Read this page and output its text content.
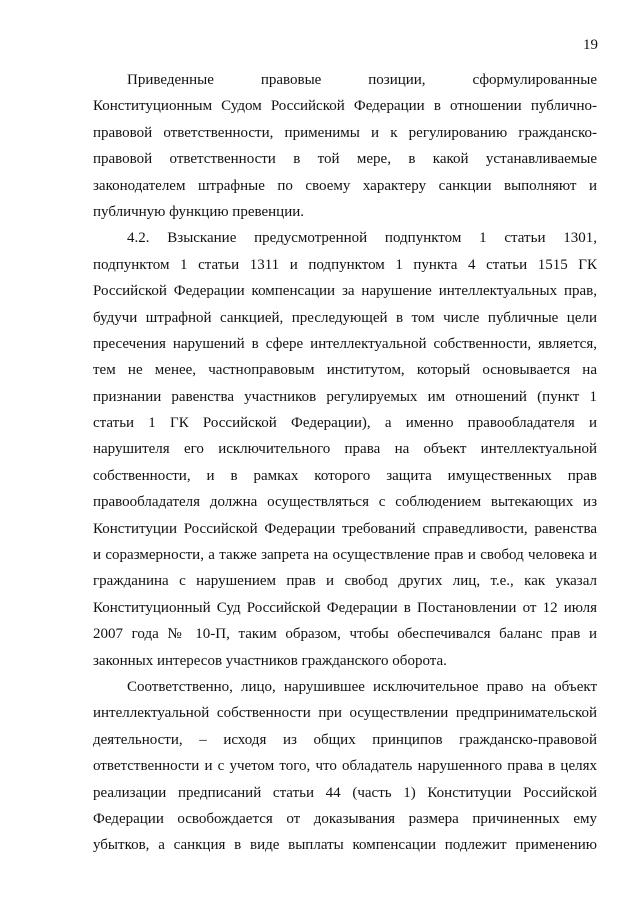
19
Приведенные правовые позиции, сформулированные
Конституционным Судом Российской Федерации в отношении публично-
правовой ответственности, применимы и к регулированию гражданско-
правовой ответственности в той мере, в какой устанавливаемые
законодателем штрафные по своему характеру санкции выполняют и
публичную функцию превенции.
4.2. Взыскание предусмотренной подпунктом 1 статьи 1301,
подпунктом 1 статьи 1311 и подпунктом 1 пункта 4 статьи 1515 ГК
Российской Федерации компенсации за нарушение интеллектуальных прав,
будучи штрафной санкцией, преследующей в том числе публичные цели
пресечения нарушений в сфере интеллектуальной собственности, является,
тем не менее, частноправовым институтом, который основывается на
признании равенства участников регулируемых им отношений (пункт 1
статьи 1 ГК Российской Федерации), а именно правообладателя и
нарушителя его исключительного права на объект интеллектуальной
собственности, и в рамках которого защита имущественных прав
правообладателя должна осуществляться с соблюдением вытекающих из
Конституции Российской Федерации требований справедливости, равенства
и соразмерности, а также запрета на осуществление прав и свобод человека и
гражданина с нарушением прав и свобод других лиц, т.е., как указал
Конституционный Суд Российской Федерации в Постановлении от 12 июля
2007 года № 10-П, таким образом, чтобы обеспечивался баланс прав и
законных интересов участников гражданского оборота.
Соответственно, лицо, нарушившее исключительное право на объект
интеллектуальной собственности при осуществлении предпринимательской
деятельности, – исходя из общих принципов гражданско-правовой
ответственности и с учетом того, что обладатель нарушенного права в целях
реализации предписаний статьи 44 (часть 1) Конституции Российской
Федерации освобождается от доказывания размера причиненных ему
убытков, а санкция в виде выплаты компенсации подлежит применению
